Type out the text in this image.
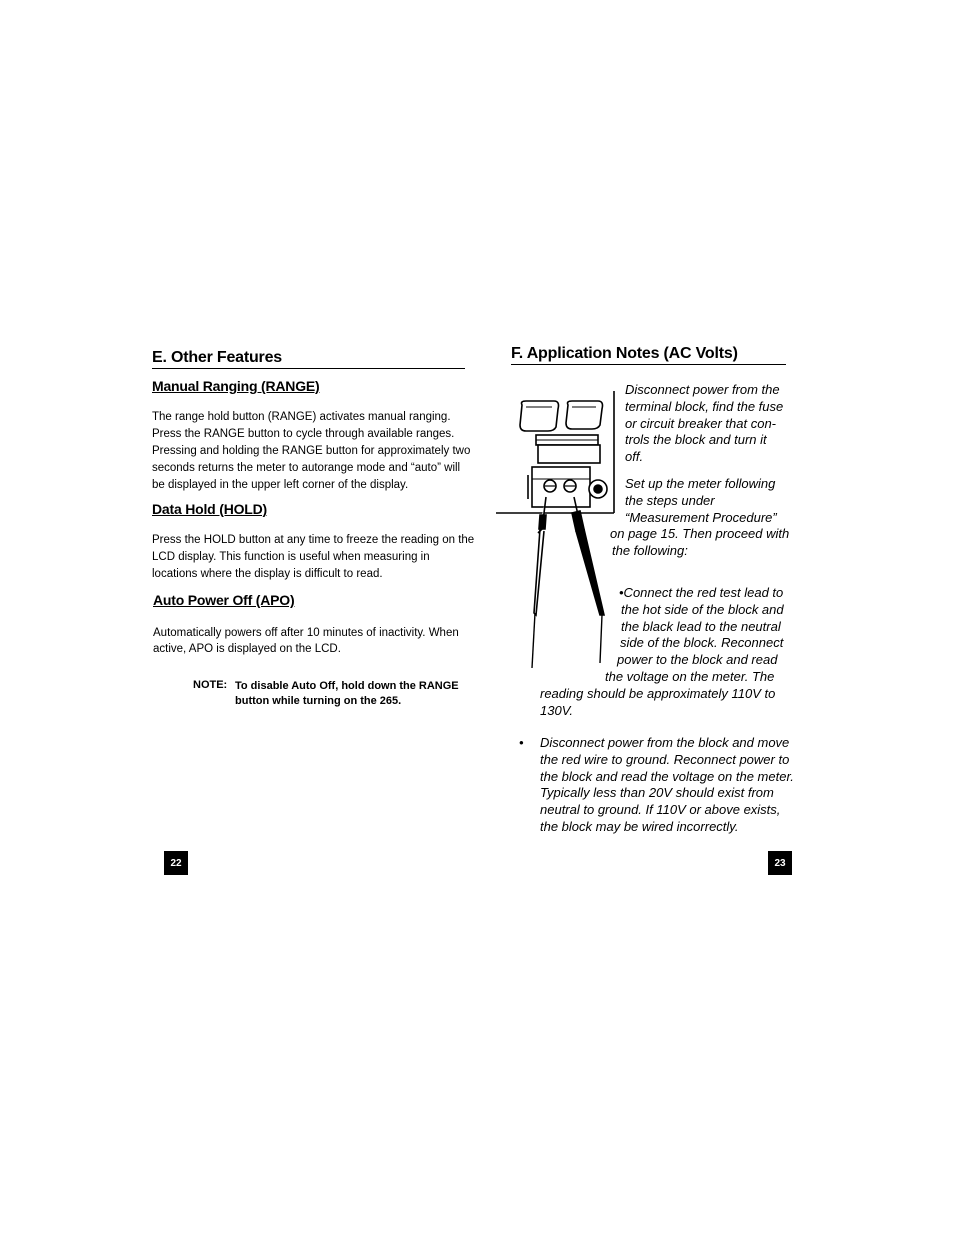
E. Other Features
Manual Ranging (RANGE)
The range hold button (RANGE) activates manual ranging.
Press the RANGE button to cycle through available ranges.
Pressing and holding the RANGE button for approximately two
seconds returns the meter to autorange mode and “auto” will
be displayed in the upper left corner of the display.
Data Hold (HOLD)
Press the HOLD button at any time to freeze the reading on the
LCD display. This function is useful when measuring in
locations where the display is difficult to read.
Auto Power Off (APO)
Automatically powers off after 10 minutes of inactivity. When
active, APO is displayed on the LCD.
NOTE: To disable Auto Off, hold down the RANGE
button while turning on the 265.
22
F. Application Notes (AC Volts)
Disconnect power from the
terminal block, find the fuse
or circuit breaker that con-
trols the block and turn it
off.
Set up the meter following
the steps under
“Measurement Procedure”
on page 15. Then proceed with
the following:
•Connect the red test lead to
the hot side of the block and
the black lead to the neutral
side of the block. Reconnect
power to the block and read
the voltage on the meter. The
reading should be approximately 110V to
130V.
• Disconnect power from the block and move
the red wire to ground. Reconnect power to
the block and read the voltage on the meter.
Typically less than 20V should exist from
neutral to ground. If 110V or above exists,
the block may be wired incorrectly.
23
